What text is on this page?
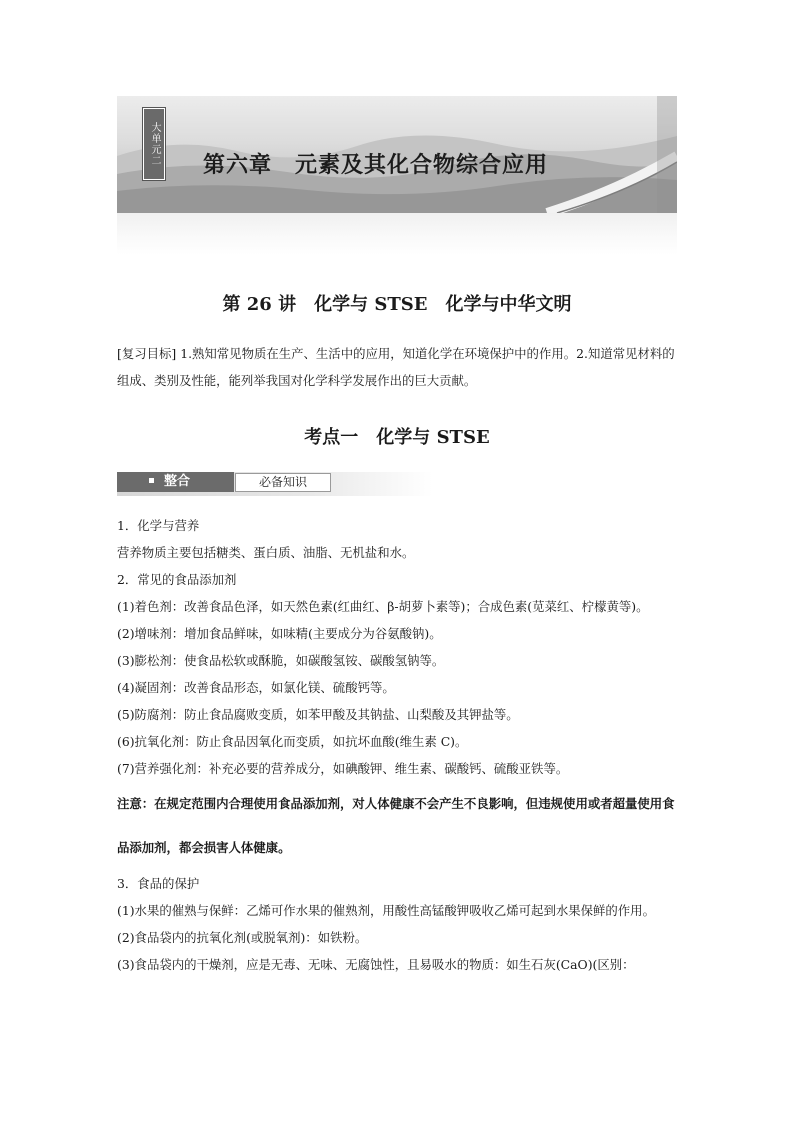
大单元二 第六章　元素及其化合物综合应用
第 26 讲　化学与 STSE　化学与中华文明
[复习目标] 1.熟知常见物质在生产、生活中的应用，知道化学在环境保护中的作用。2.知道常见材料的组成、类别及性能，能列举我国对化学科学发展作出的巨大贡献。
考点一　化学与 STSE
整合	必备知识

1．化学与营养

营养物质主要包括糖类、蛋白质、油脂、无机盐和水。

2．常见的食品添加剂

(1)着色剂：改善食品色泽，如天然色素(红曲红、β-胡萝卜素等)；合成色素(苋菜红、柠檬黄等)。

(2)增味剂：增加食品鲜味，如味精(主要成分为谷氨酸钠)。

(3)膨松剂：使食品松软或酥脆，如碳酸氢铵、碳酸氢钠等。

(4)凝固剂：改善食品形态，如氯化镁、硫酸钙等。

(5)防腐剂：防止食品腐败变质，如苯甲酸及其钠盐、山梨酸及其钾盐等。

(6)抗氧化剂：防止食品因氧化而变质，如抗坏血酸(维生素 C)。

(7)营养强化剂：补充必要的营养成分，如碘酸钾、维生素、碳酸钙、硫酸亚铁等。

注意：在规定范围内合理使用食品添加剂，对人体健康不会产生不良影响，但违规使用或者超量使用食品添加剂，都会损害人体健康。

3．食品的保护

(1)水果的催熟与保鲜：乙烯可作水果的催熟剂，用酸性高锰酸钾吸收乙烯可起到水果保鲜的作用。

(2)食品袋内的抗氧化剂(或脱氧剂)：如铁粉。

(3)食品袋内的干燥剂，应是无毒、无味、无腐蚀性，且易吸水的物质：如生石灰(CaO)(区别：
